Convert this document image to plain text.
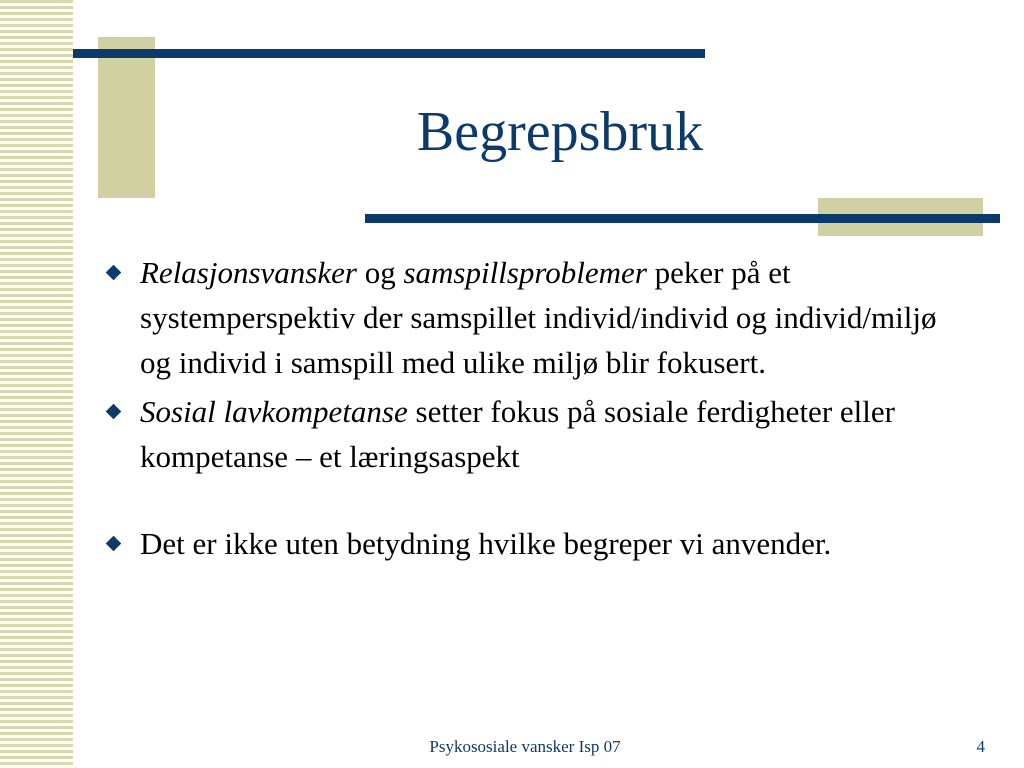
Begrepsbruk
Relasjonsvansker og samspillsproblemer peker på et systemperspektiv der samspillet individ/individ og individ/miljø og individ i samspill med ulike miljø blir fokusert.
Sosial lavkompetanse setter fokus på sosiale ferdigheter eller kompetanse – et læringsaspekt
Det er ikke uten betydning hvilke begreper vi anvender.
Psykososiale vansker Isp 07	4
